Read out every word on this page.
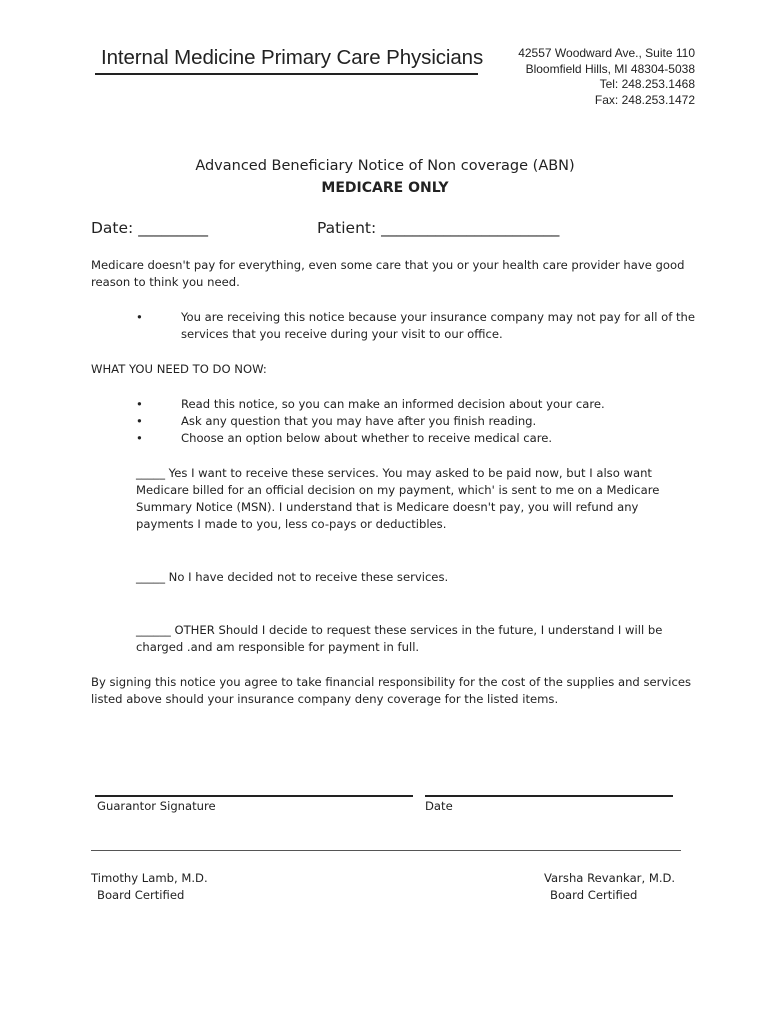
Internal Medicine Primary Care Physicians	42557 Woodward Ave., Suite 110
Bloomfield Hills, MI 48304-5038
Tel: 248.253.1468
Fax: 248.253.1472
Advanced Beneficiary Notice of Non coverage (ABN)
MEDICARE ONLY
Date: _________	Patient: _______________________
Medicare doesn't pay for everything, even some care that you or your health care provider have good
reason to think you need.
•	You are receiving this notice because your insurance company may not pay for all of the
services that you receive during your visit to our office.
WHAT YOU NEED TO DO NOW:
•	Read this notice, so you can make an informed decision about your care.
•	Ask any question that you may have after you finish reading.
•	Choose an option below about whether to receive medical care.
_____ Yes I want to receive these services. You may asked to be paid now, but I also want
Medicare billed for an official decision on my payment, which' is sent to me on a Medicare
Summary Notice (MSN). I understand that is Medicare doesn't pay, you will refund any
payments I made to you, less co-pays or deductibles.
_____ No I have decided not to receive these services.
______ OTHER Should I decide to request these services in the future, I understand I will be
charged .and am responsible for payment in full.
By signing this notice you agree to take financial responsibility for the cost of the supplies and services
listed above should your insurance company deny coverage for the listed items.
Guarantor Signature	Date
Timothy Lamb, M.D.
Board Certified
Varsha Revankar, M.D.
Board Certified
